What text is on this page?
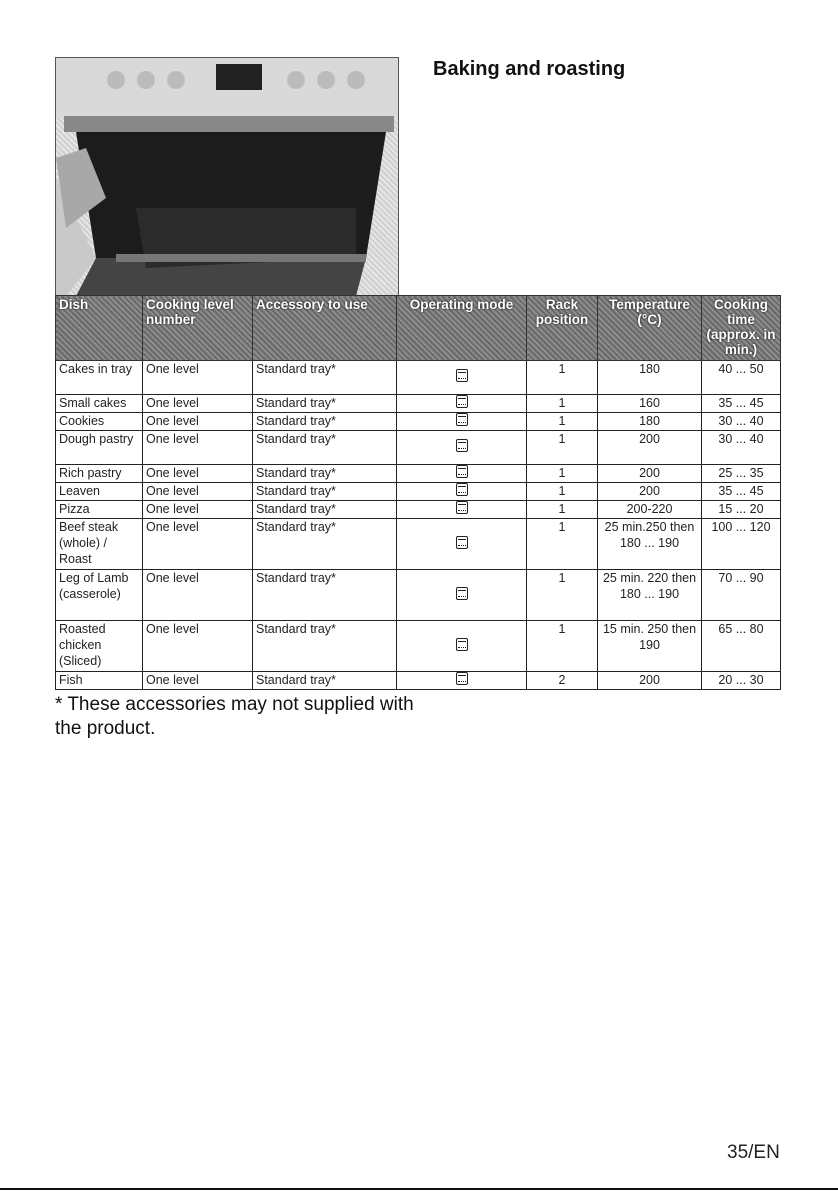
Baking and roasting
Dish	Cooking level number	Accessory to use	Operating mode	Rack position	Temperature (°C)	Cooking time (approx. in min.)
Cakes in tray	One level	Standard tray*		1	180	40 ... 50
Small cakes	One level	Standard tray*		1	160	35 ... 45
Cookies	One level	Standard tray*		1	180	30 ... 40
Dough pastry	One level	Standard tray*		1	200	30 ... 40
Rich pastry	One level	Standard tray*		1	200	25 ... 35
Leaven	One level	Standard tray*		1	200	35 ... 45
Pizza	One level	Standard tray*		1	200-220	15 ... 20
Beef steak (whole) / Roast	One level	Standard tray*		1	25 min.250 then 180 ... 190	100 ... 120
Leg of Lamb (casserole)	One level	Standard tray*		1	25 min. 220 then 180 ... 190	70 ... 90
Roasted chicken (Sliced)	One level	Standard tray*		1	15 min. 250 then 190	65 ... 80
Fish	One level	Standard tray*		2	200	20 ... 30
* These accessories may not supplied with the product.
35/EN
